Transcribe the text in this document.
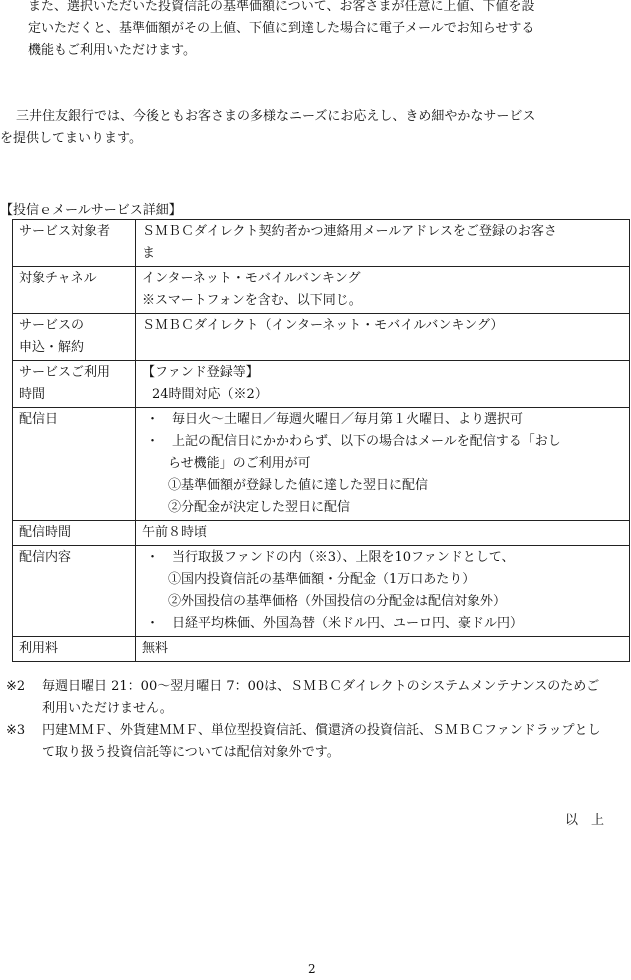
また、選択いただいた投資信託の基準価額について、お客さまが任意に上値、下値を設
定いただくと、基準価額がその上値、下値に到達した場合に電子メールでお知らせする
機能もご利用いただけます。
三井住友銀行では、今後ともお客さまの多様なニーズにお応えし、きめ細やかなサービス
を提供してまいります。
【投信ｅメールサービス詳細】
サービス対象者	ＳＭＢＣダイレクト契約者かつ連絡用メールアドレスをご登録のお客さ
ま

対象チャネル	インターネット・モバイルバンキング
※スマートフォンを含む、以下同じ。

サービスの
申込・解約	ＳＭＢＣダイレクト（インターネット・モバイルバンキング）

サービスご利用
時間	【ファンド登録等】
24時間対応（※2）

配信日	・　毎日火～土曜日／毎週火曜日／毎月第１火曜日、より選択可
・　上記の配信日にかかわらず、以下の場合はメールを配信する「おし
らせ機能」のご利用が可
①基準価額が登録した値に達した翌日に配信
②分配金が決定した翌日に配信

配信時間	午前８時頃

配信内容	・　当行取扱ファンドの内（※3）、上限を10ファンドとして、
①国内投資信託の基準価額・分配金（1万口あたり）
②外国投信の基準価格（外国投信の分配金は配信対象外）
・　日経平均株価、外国為替（米ドル円、ユーロ円、豪ドル円）

利用料	無料
※2	毎週日曜日 21：00～翌月曜日 7：00は、ＳＭＢＣダイレクトのシステムメンテナンスのためご利用いただけません。
※3	円建ＭＭＦ、外貨建ＭＭＦ、単位型投資信託、償還済の投資信託、ＳＭＢＣファンドラップとして取り扱う投資信託等については配信対象外です。
以　上
2
